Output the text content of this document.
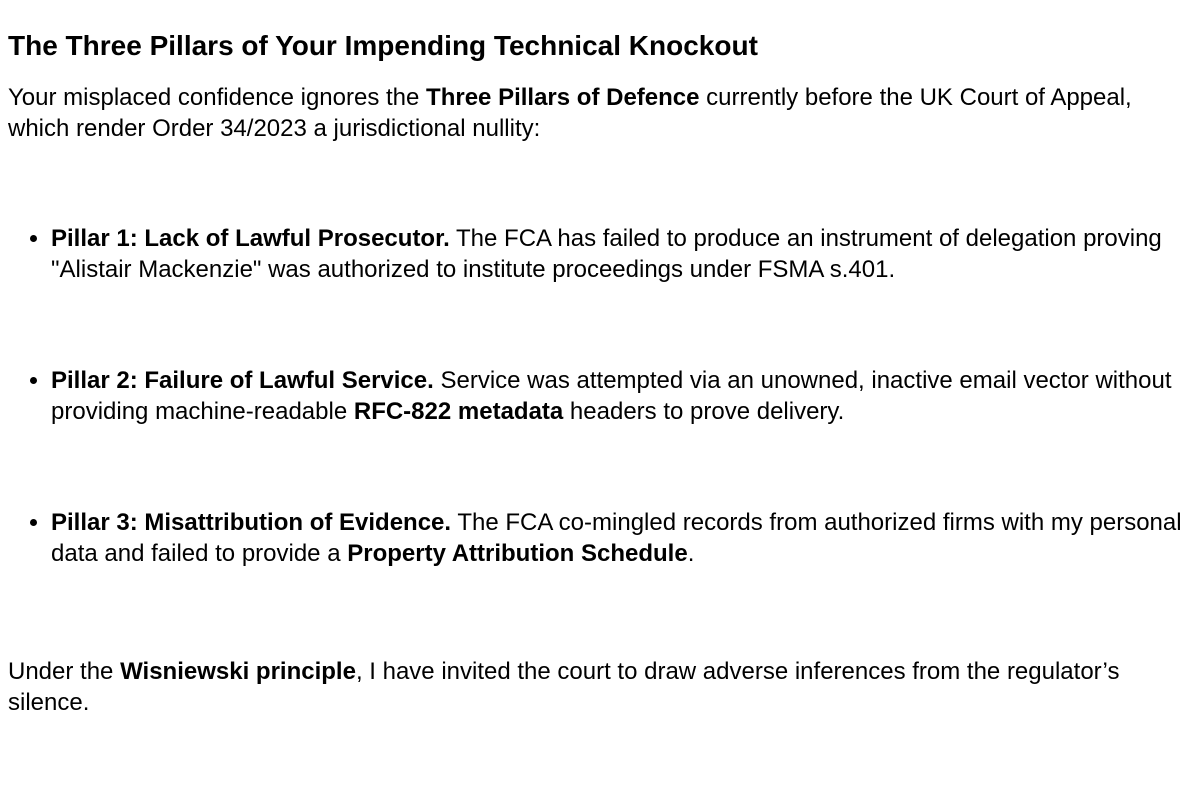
The Three Pillars of Your Impending Technical Knockout

Your misplaced confidence ignores the Three Pillars of Defence currently before the UK Court of Appeal, which render Order 34/2023 a jurisdictional nullity:

• Pillar 1: Lack of Lawful Prosecutor. The FCA has failed to produce an instrument of delegation proving "Alistair Mackenzie" was authorized to institute proceedings under FSMA s.401.
• Pillar 2: Failure of Lawful Service. Service was attempted via an unowned, inactive email vector without providing machine-readable RFC-822 metadata headers to prove delivery.
• Pillar 3: Misattribution of Evidence. The FCA co-mingled records from authorized firms with my personal data and failed to provide a Property Attribution Schedule.

Under the Wisniewski principle, I have invited the court to draw adverse inferences from the regulator’s silence.
